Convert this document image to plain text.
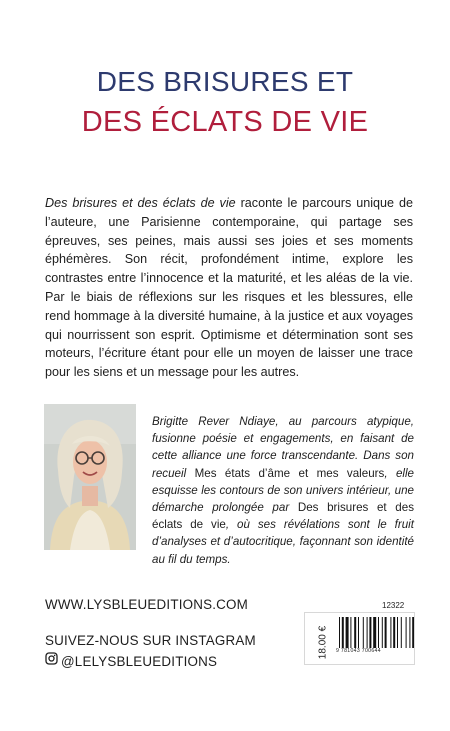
DES BRISURES ET
DES ÉCLATS DE VIE

Des brisures et des éclats de vie raconte le parcours unique de l’auteure, une Parisienne contemporaine, qui partage ses épreuves, ses peines, mais aussi ses joies et ses moments éphémères. Son récit, profondément intime, explore les contrastes entre l’innocence et la maturité, et les aléas de la vie. Par le biais de réflexions sur les risques et les blessures, elle rend hommage à la diversité humaine, à la justice et aux voyages qui nourrissent son esprit. Optimisme et détermination sont ses moteurs, l’écriture étant pour elle un moyen de laisser une trace pour les siens et un message pour les autres.

Brigitte Rever Ndiaye, au parcours atypique, fusionne poésie et engagements, en faisant de cette alliance une force transcendante. Dans son recueil Mes états d’âme et mes valeurs, elle esquisse les contours de son univers intérieur, une démarche prolongée par Des brisures et des éclats de vie, où ses révélations sont le fruit d’analyses et d’autocritique, façonnant son identité au fil du temps.

WWW.LYSBLEUEDITIONS.COM
SUIVEZ-NOUS SUR INSTAGRAM
@LELYSBLEUEDITIONS
12322
18.00 € 9 781043 700644
